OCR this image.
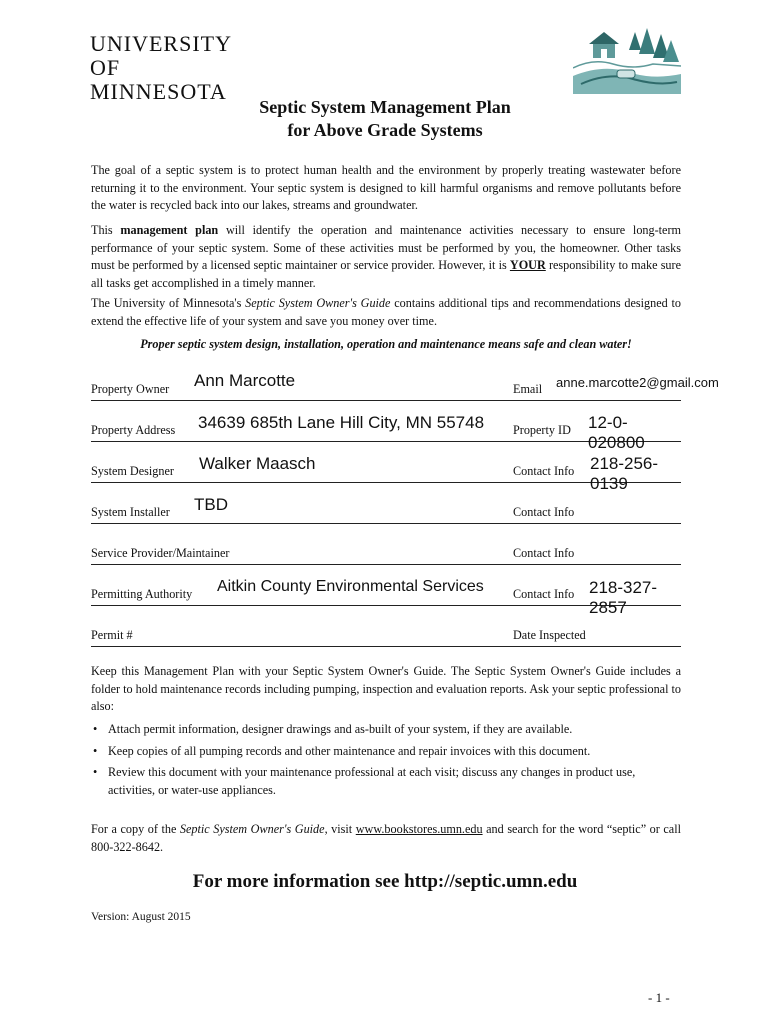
UNIVERSITY
OF MINNESOTA
Septic System Management Plan
for Above Grade Systems
The goal of a septic system is to protect human health and the environment by properly treating wastewater before returning it to the environment. Your septic system is designed to kill harmful organisms and remove pollutants before the water is recycled back into our lakes, streams and groundwater.
This management plan will identify the operation and maintenance activities necessary to ensure long-term performance of your septic system. Some of these activities must be performed by you, the homeowner. Other tasks must be performed by a licensed septic maintainer or service provider. However, it is YOUR responsibility to make sure all tasks get accomplished in a timely manner.
The University of Minnesota's Septic System Owner's Guide contains additional tips and recommendations designed to extend the effective life of your system and save you money over time.
Proper septic system design, installation, operation and maintenance means safe and clean water!
Property Owner Ann Marcotte	Email anne.marcotte2@gmail.com
Property Address 34639 685th Lane Hill City, MN 55748 Property ID 12-0-020800
System Designer Walker Maasch	Contact Info 218-256-0139
System Installer TBD	Contact Info
Service Provider/Maintainer	Contact Info
Permitting Authority Aitkin County Environmental Services Contact Info 218-327-2857
Permit #	Date Inspected
Keep this Management Plan with your Septic System Owner's Guide. The Septic System Owner's Guide includes a folder to hold maintenance records including pumping, inspection and evaluation reports. Ask your septic professional to also:
• Attach permit information, designer drawings and as-built of your system, if they are available.
• Keep copies of all pumping records and other maintenance and repair invoices with this document.
• Review this document with your maintenance professional at each visit; discuss any changes in product use, activities, or water-use appliances.
For a copy of the Septic System Owner's Guide, visit www.bookstores.umn.edu and search for the word “septic” or call 800-322-8642.
For more information see http://septic.umn.edu
Version: August 2015
- 1 -
